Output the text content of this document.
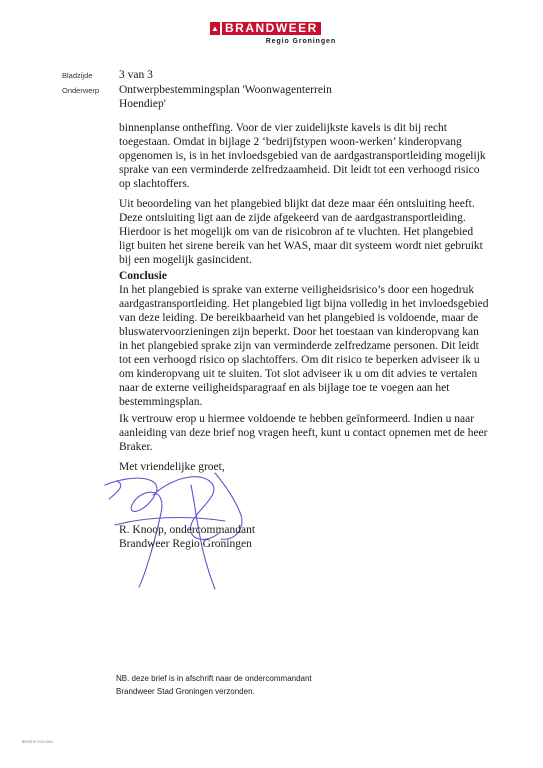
▲ BRANDWEER
Regio Groningen
Bladzijde 3 van 3
Onderwerp Ontwerpbestemmingsplan 'Woonwagenterrein Hoendiep'
binnenplanse ontheffing. Voor de vier zuidelijkste kavels is dit bij recht
toegestaan. Omdat in bijlage 2 ‘bedrijfstypen woon-werken’ kinderopvang
opgenomen is, is in het invloedsgebied van de aardgastransportleiding mogelijk
sprake van een verminderde zelfredzaamheid. Dit leidt tot een verhoogd risico
op slachtoffers.
Uit beoordeling van het plangebied blijkt dat deze maar één ontsluiting heeft.
Deze ontsluiting ligt aan de zijde afgekeerd van de aardgastransportleiding.
Hierdoor is het mogelijk om van de risicobron af te vluchten. Het plangebied
ligt buiten het sirene bereik van het WAS, maar dit systeem wordt niet gebruikt
bij een mogelijk gasincident.
Conclusie
In het plangebied is sprake van externe veiligheidsrisico’s door een hogedruk
aardgastransportleiding. Het plangebied ligt bijna volledig in het invloedsgebied
van deze leiding. De bereikbaarheid van het plangebied is voldoende, maar de
bluswatervoorzieningen zijn beperkt. Door het toestaan van kinderopvang kan
in het plangebied sprake zijn van verminderde zelfredzame personen. Dit leidt
tot een verhoogd risico op slachtoffers. Om dit risico te beperken adviseer ik u
om kinderopvang uit te sluiten. Tot slot adviseer ik u om dit advies te vertalen
naar de externe veiligheidsparagraaf en als bijlage toe te voegen aan het
bestemmingsplan.
Ik vertrouw erop u hiermee voldoende te hebben geïnformeerd. Indien u naar
aanleiding van deze brief nog vragen heeft, kunt u contact opnemen met de heer
Braker.
Met vriendelijke groet,
R. Knoop, ondercommandant
Brandweer Regio Groningen
NB. deze brief is in afschrift naar de ondercommandant
Brandweer Stad Groningen verzonden.
BRGR P/ V.02.0001
